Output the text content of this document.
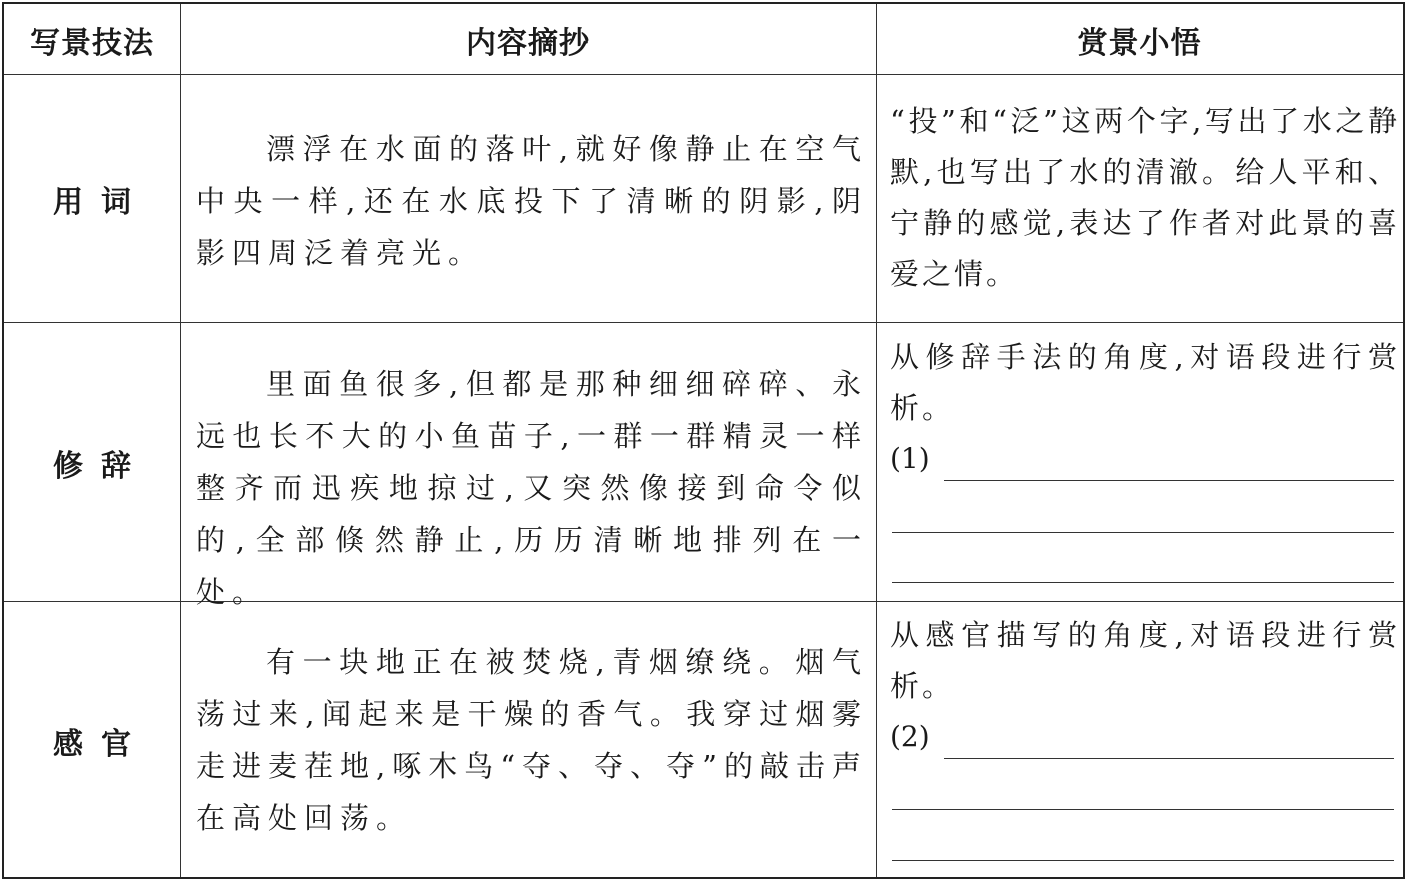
写景技法	内容摘抄	赏景小悟
用词
漂浮在水面的落叶,就好像静止在空气中央一样,还在水底投下了清晰的阴影,阴影四周泛着亮光。
“投”和“泛”这两个字,写出了水之静默,也写出了水的清澈。给人平和、宁静的感觉,表达了作者对此景的喜爱之情。
修辞
里面鱼很多,但都是那种细细碎碎、永远也长不大的小鱼苗子,一群一群精灵一样整齐而迅疾地掠过,又突然像接到命令似的,全部倏然静止,历历清晰地排列在一处。
从修辞手法的角度,对语段进行赏析。
(1)
感官
有一块地正在被焚烧,青烟缭绕。烟气荡过来,闻起来是干燥的香气。我穿过烟雾走进麦茬地,啄木鸟“夺、夺、夺”的敲击声在高处回荡。
从感官描写的角度,对语段进行赏析。
(2)
